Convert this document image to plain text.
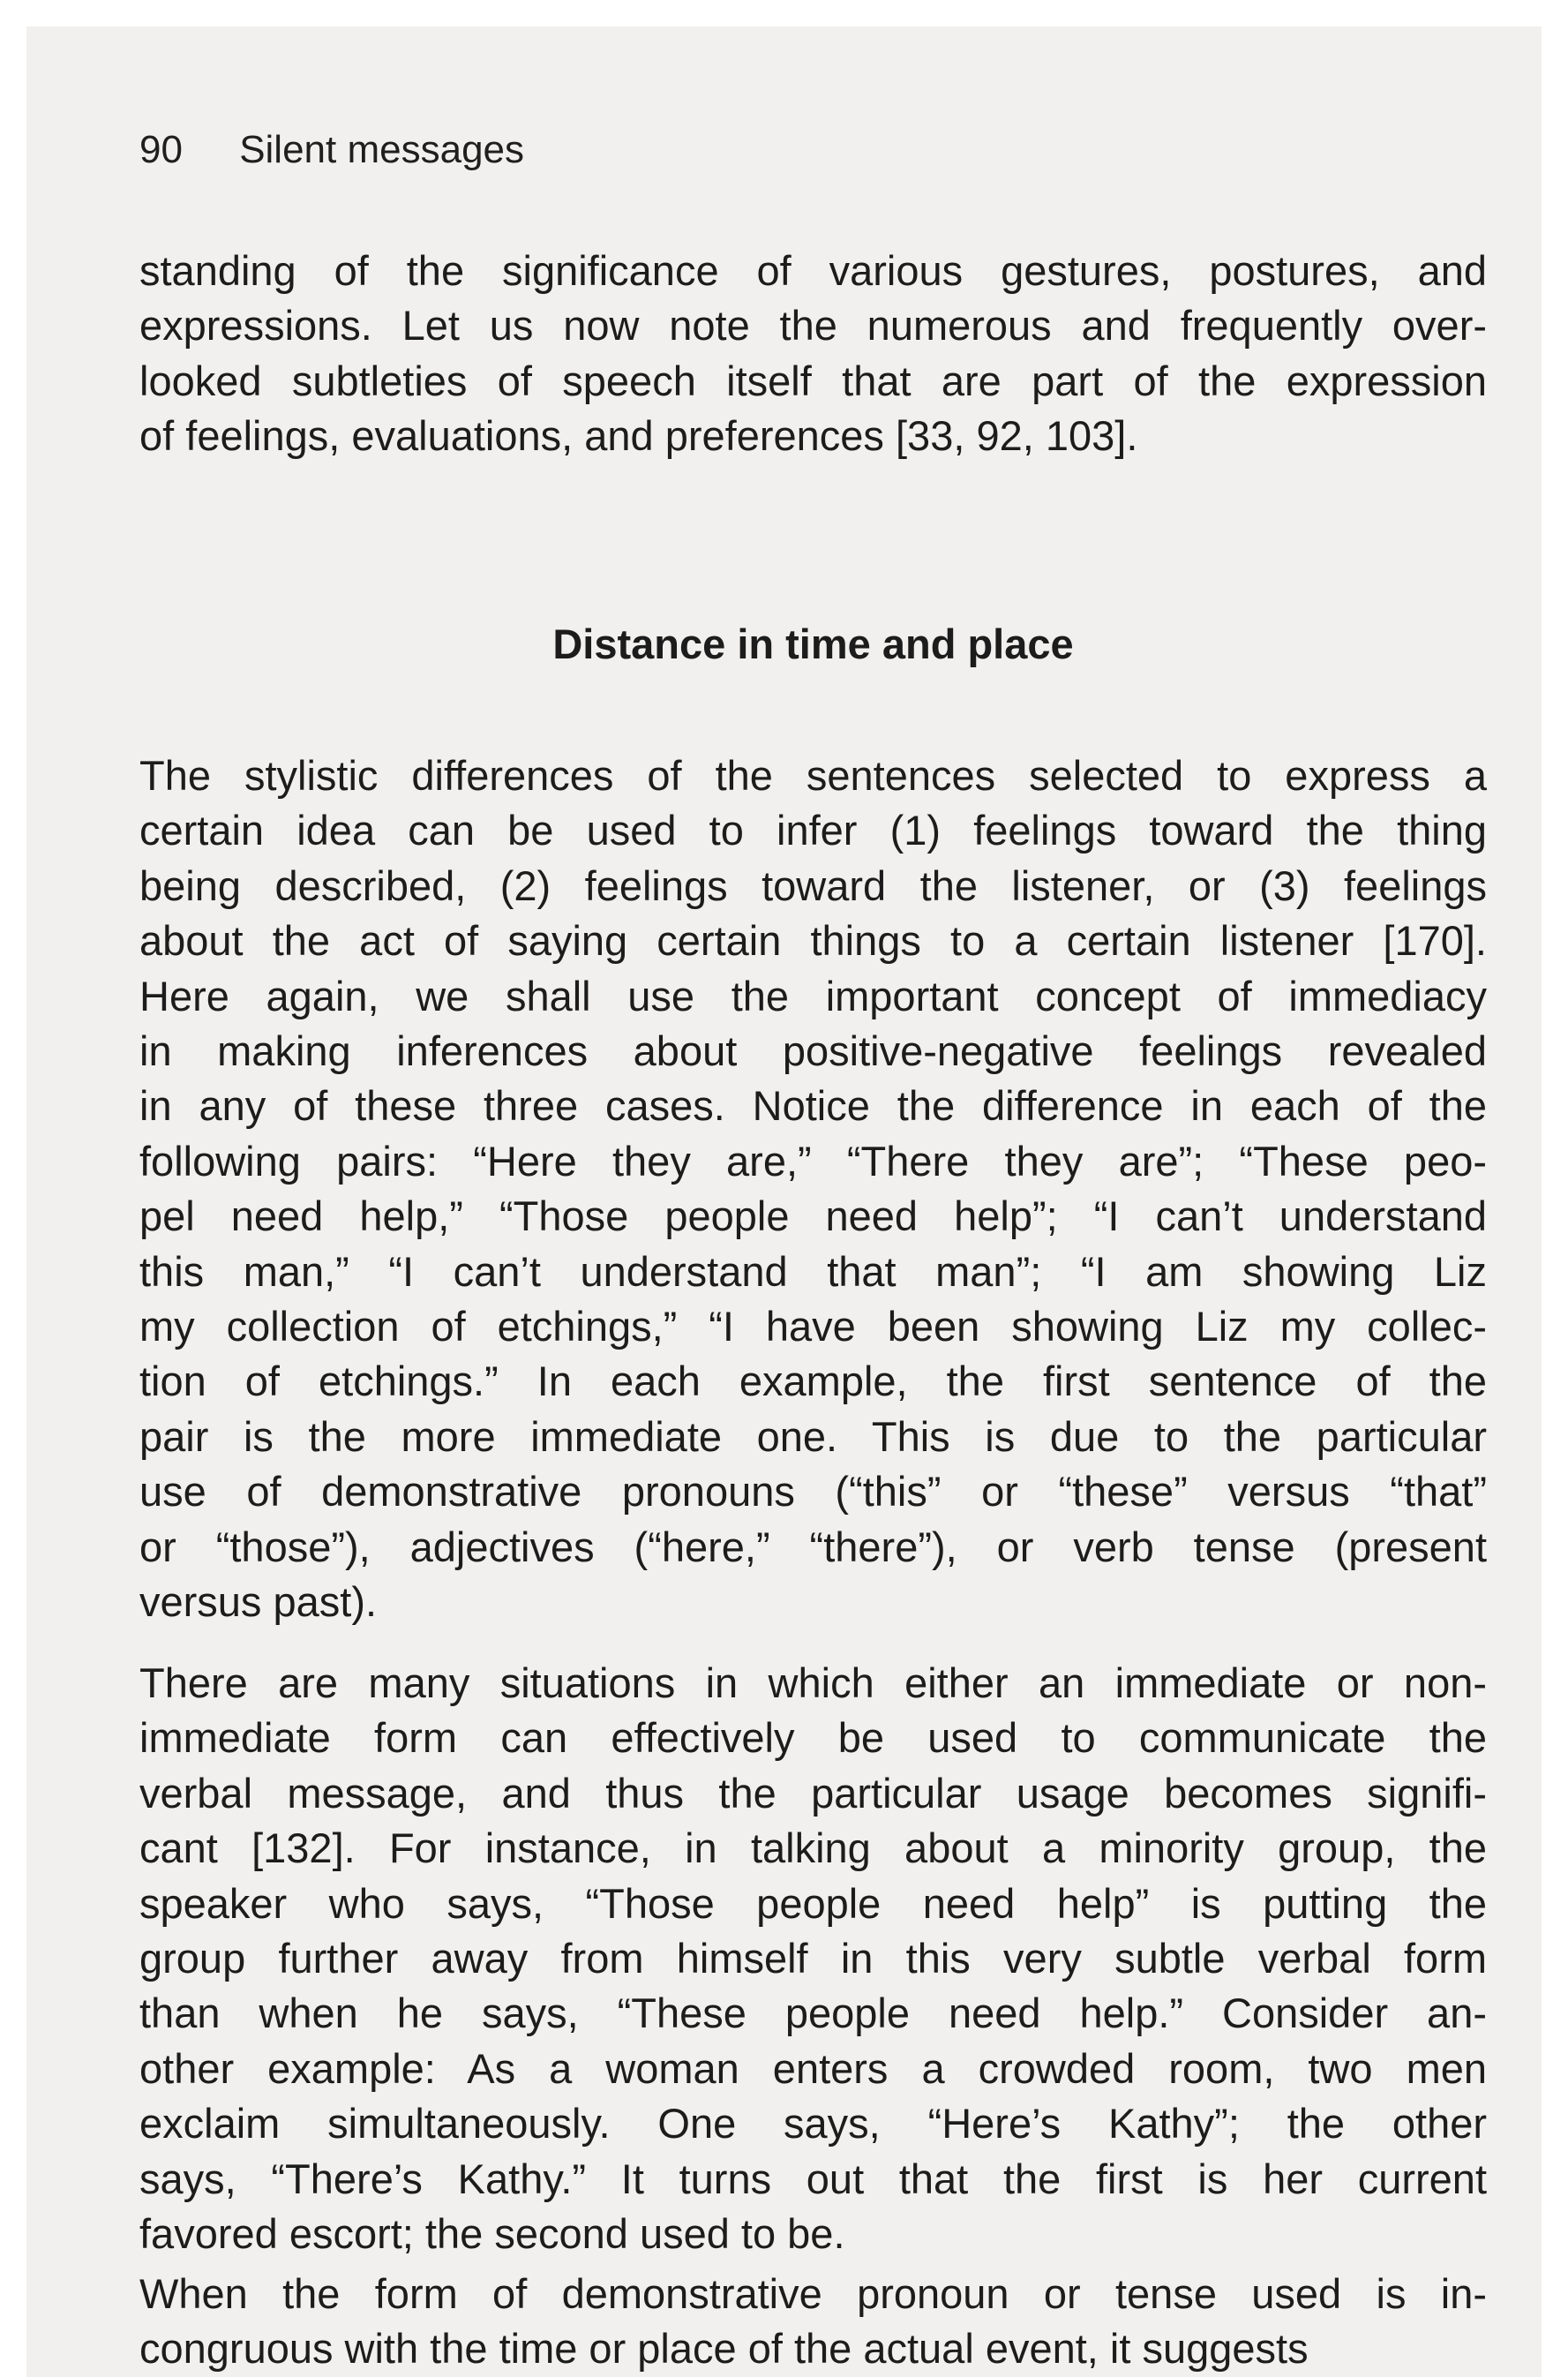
90 Silent messages
standing of the significance of various gestures, postures, and
expressions. Let us now note the numerous and frequently over-
looked subtleties of speech itself that are part of the expression
of feelings, evaluations, and preferences [33, 92, 103].
Distance in time and place
The stylistic differences of the sentences selected to express a
certain idea can be used to infer (1) feelings toward the thing
being described, (2) feelings toward the listener, or (3) feelings
about the act of saying certain things to a certain listener [170].
Here again, we shall use the important concept of immediacy
in making inferences about positive-negative feelings revealed
in any of these three cases. Notice the difference in each of the
following pairs: “Here they are,” “There they are”; “These peo-
pel need help,” “Those people need help”; “I can’t understand
this man,” “I can’t understand that man”; “I am showing Liz
my collection of etchings,” “I have been showing Liz my collec-
tion of etchings.” In each example, the first sentence of the
pair is the more immediate one. This is due to the particular
use of demonstrative pronouns (“this” or “these” versus “that”
or “those”), adjectives (“here,” “there”), or verb tense (present
versus past).
There are many situations in which either an immediate or non-
immediate form can effectively be used to communicate the
verbal message, and thus the particular usage becomes signifi-
cant [132]. For instance, in talking about a minority group, the
speaker who says, “Those people need help” is putting the
group further away from himself in this very subtle verbal form
than when he says, “These people need help.” Consider an-
other example: As a woman enters a crowded room, two men
exclaim simultaneously. One says, “Here’s Kathy”; the other
says, “There’s Kathy.” It turns out that the first is her current
favored escort; the second used to be.
When the form of demonstrative pronoun or tense used is in-
congruous with the time or place of the actual event, it suggests
